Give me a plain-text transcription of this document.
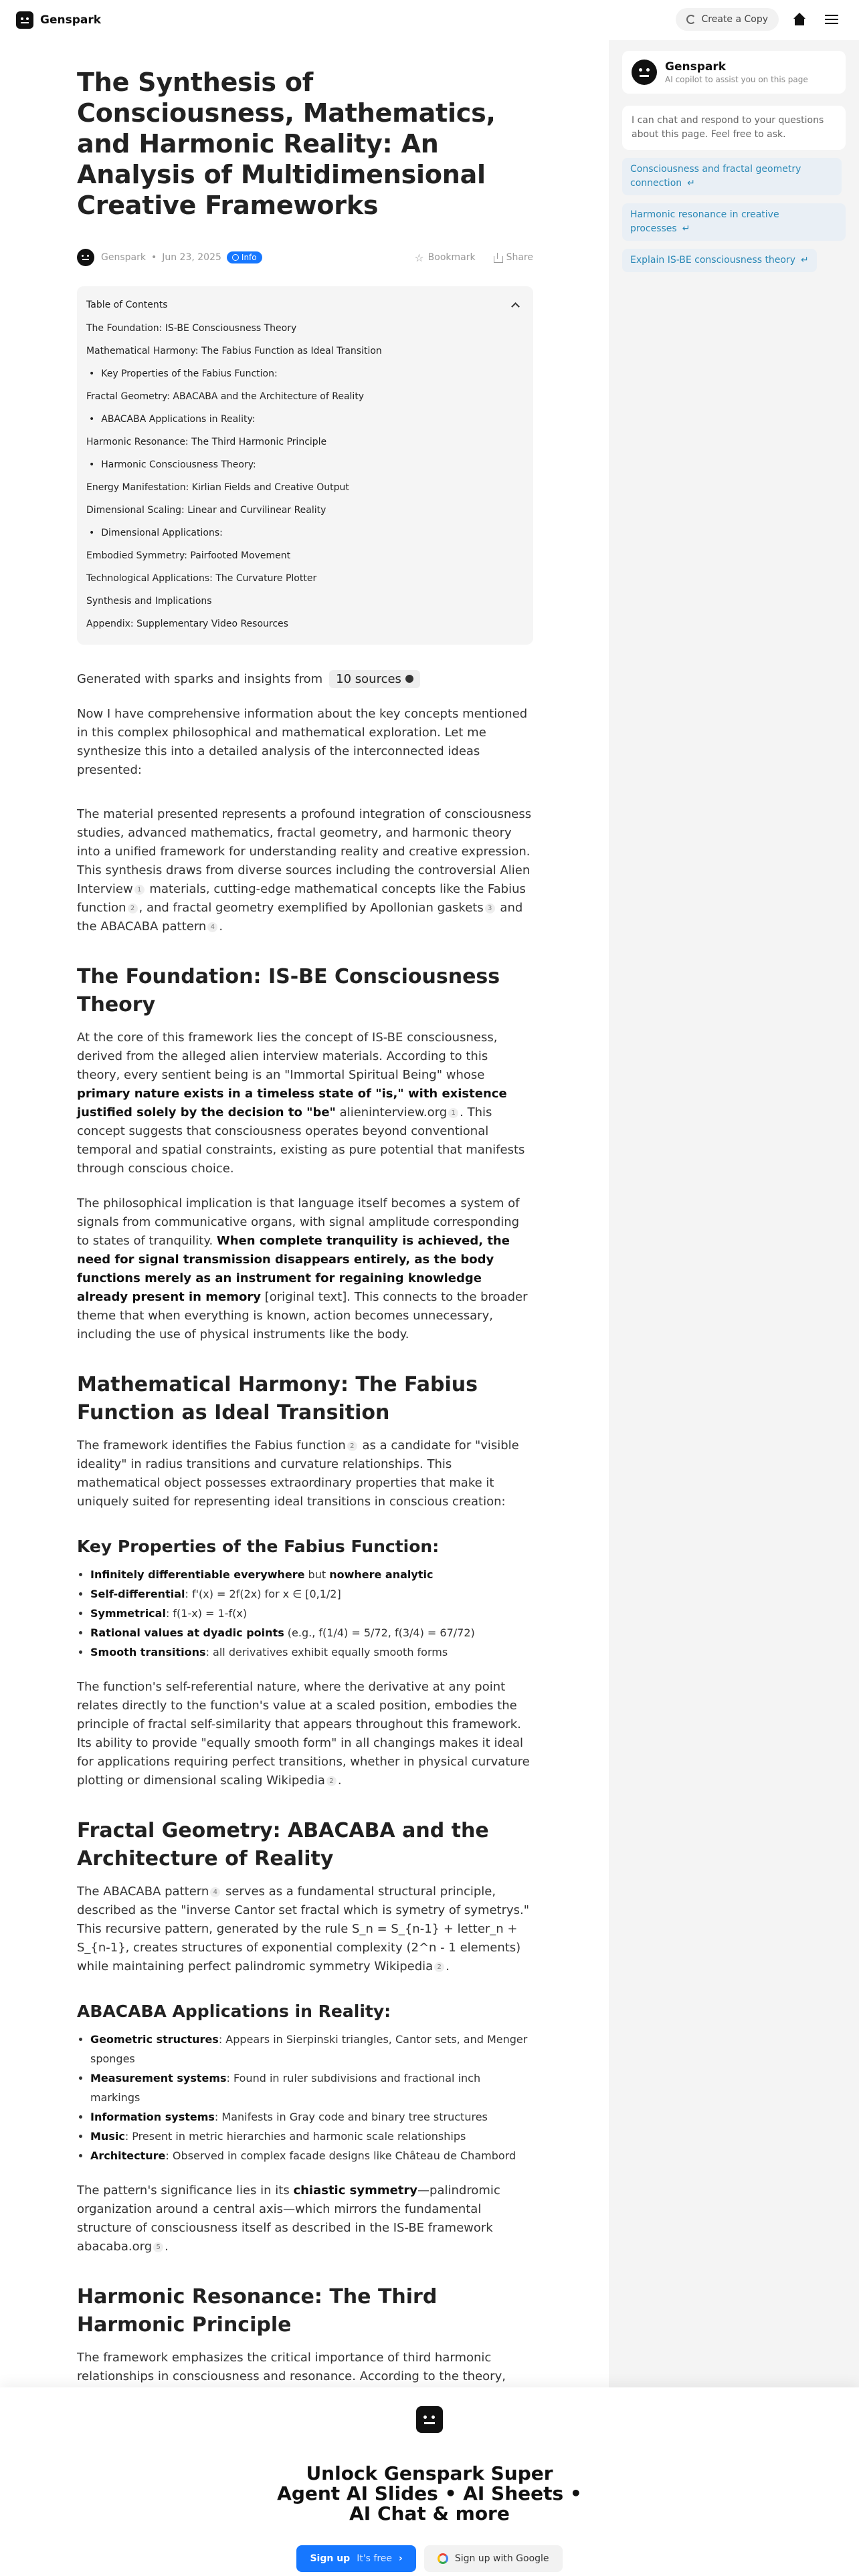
Genspark	Create a Copy
The Synthesis of Consciousness, Mathematics, and Harmonic Reality: An Analysis of Multidimensional Creative Frameworks
Genspark • Jun 23, 2025	Info	☆ Bookmark	Share
Table of Contents
The Foundation: IS-BE Consciousness Theory
Mathematical Harmony: The Fabius Function as Ideal Transition
• Key Properties of the Fabius Function:
Fractal Geometry: ABACABA and the Architecture of Reality
• ABACABA Applications in Reality:
Harmonic Resonance: The Third Harmonic Principle
• Harmonic Consciousness Theory:
Energy Manifestation: Kirlian Fields and Creative Output
Dimensional Scaling: Linear and Curvilinear Reality
• Dimensional Applications:
Embodied Symmetry: Pairfooted Movement
Technological Applications: The Curvature Plotter
Synthesis and Implications
Appendix: Supplementary Video Resources
Generated with sparks and insights from 10 sources

Now I have comprehensive information about the key concepts mentioned in this complex philosophical and mathematical exploration. Let me synthesize this into a detailed analysis of the interconnected ideas presented:

The material presented represents a profound integration of consciousness studies, advanced mathematics, fractal geometry, and harmonic theory into a unified framework for understanding reality and creative expression. This synthesis draws from diverse sources including the controversial Alien Interview 1 materials, cutting-edge mathematical concepts like the Fabius function 2 , and fractal geometry exemplified by Apollonian gaskets 3 and the ABACABA pattern 4 .

The Foundation: IS-BE Consciousness Theory

At the core of this framework lies the concept of IS-BE consciousness, derived from the alleged alien interview materials. According to this theory, every sentient being is an "Immortal Spiritual Being" whose primary nature exists in a timeless state of "is," with existence justified solely by the decision to "be" alieninterview.org 1 . This concept suggests that consciousness operates beyond conventional temporal and spatial constraints, existing as pure potential that manifests through conscious choice.

The philosophical implication is that language itself becomes a system of signals from communicative organs, with signal amplitude corresponding to states of tranquility. When complete tranquility is achieved, the need for signal transmission disappears entirely, as the body functions merely as an instrument for regaining knowledge already present in memory [original text]. This connects to the broader theme that when everything is known, action becomes unnecessary, including the use of physical instruments like the body.

Mathematical Harmony: The Fabius Function as Ideal Transition

The framework identifies the Fabius function 2 as a candidate for "visible ideality" in radius transitions and curvature relationships. This mathematical object possesses extraordinary properties that make it uniquely suited for representing ideal transitions in conscious creation:

Key Properties of the Fabius Function:
• Infinitely differentiable everywhere but nowhere analytic
• Self-differential: f'(x) = 2f(2x) for x ∈ [0,1/2]
• Symmetrical: f(1-x) = 1-f(x)
• Rational values at dyadic points (e.g., f(1/4) = 5/72, f(3/4) = 67/72)
• Smooth transitions: all derivatives exhibit equally smooth forms

The function's self-referential nature, where the derivative at any point relates directly to the function's value at a scaled position, embodies the principle of fractal self-similarity that appears throughout this framework. Its ability to provide "equally smooth form" in all changings makes it ideal for applications requiring perfect transitions, whether in physical curvature plotting or dimensional scaling Wikipedia 2 .

Fractal Geometry: ABACABA and the Architecture of Reality

The ABACABA pattern 4 serves as a fundamental structural principle, described as the "inverse Cantor set fractal which is symetry of symetrys." This recursive pattern, generated by the rule S_n = S_{n-1} + letter_n + S_{n-1}, creates structures of exponential complexity (2^n - 1 elements) while maintaining perfect palindromic symmetry Wikipedia 2 .

ABACABA Applications in Reality:
• Geometric structures: Appears in Sierpinski triangles, Cantor sets, and Menger sponges
• Measurement systems: Found in ruler subdivisions and fractional inch markings
• Information systems: Manifests in Gray code and binary tree structures
• Music: Present in metric hierarchies and harmonic scale relationships
• Architecture: Observed in complex facade designs like Château de Chambord

The pattern's significance lies in its chiastic symmetry—palindromic organization around a central axis—which mirrors the fundamental structure of consciousness itself as described in the IS-BE framework abacaba.org 5 .

Harmonic Resonance: The Third Harmonic Principle

The framework emphasizes the critical importance of third harmonic relationships in consciousness and resonance. According to the theory,

Genspark
AI copilot to assist you on this page
I can chat and respond to your questions about this page. Feel free to ask.
Consciousness and fractal geometry connection ↵
Harmonic resonance in creative processes ↵
Explain IS-BE consciousness theory ↵
Unlock Genspark Super Agent AI Slides • AI Sheets • AI Chat & more
Sign up It's free ›	Sign up with Google
